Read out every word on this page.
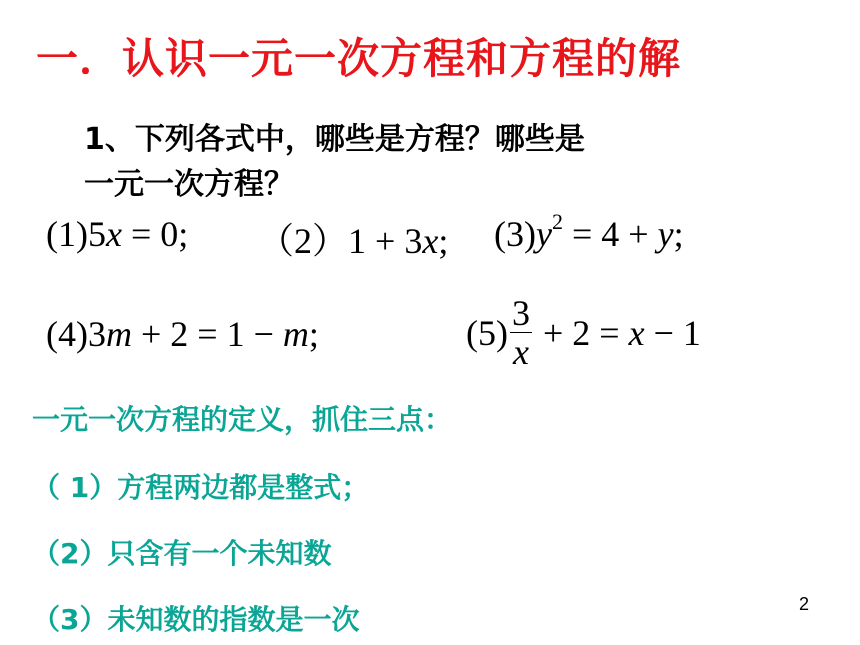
一．认识一元一次方程和方程的解
1、下列各式中，哪些是方程？哪些是
一元一次方程？
(1)5x = 0; （2）1 + 3x; $(3)y^2 = 4 + y$;
(4)3m + 2 = 1 − m;	$(5) \frac{3}{x} + 2 = x - 1$
一元一次方程的定义，抓住三点：
（ 1）方程两边都是整式；
（2）只含有一个未知数
（3）未知数的指数是一次	2
